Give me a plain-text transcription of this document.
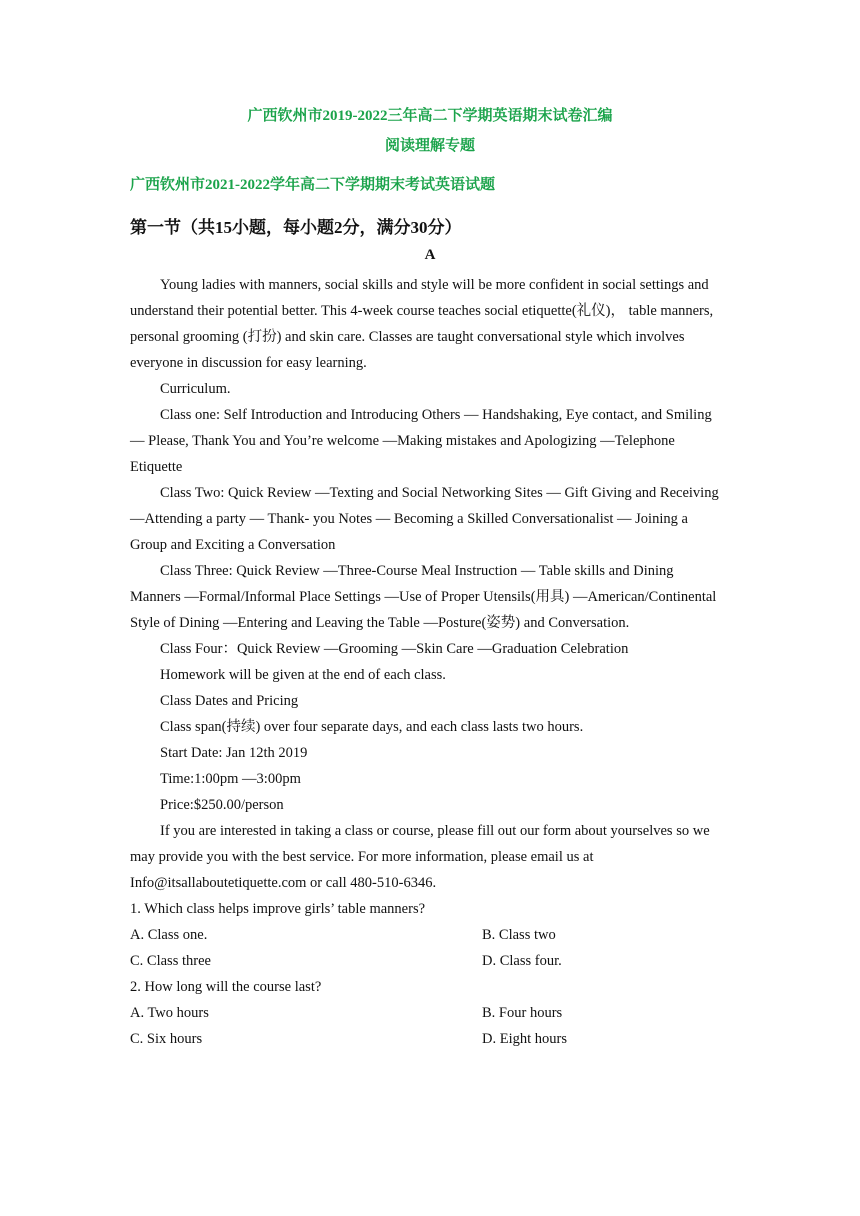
广西钦州市2019-2022三年高二下学期英语期末试卷汇编
阅读理解专题
广西钦州市2021-2022学年高二下学期期末考试英语试题
第一节（共15小题，每小题2分，满分30分）
A

Young ladies with manners, social skills and style will be more confident in social settings and understand their potential better. This 4-week course teaches social etiquette(礼仪)， table manners, personal grooming (打扮) and skin care. Classes are taught conversational style which involves everyone in discussion for easy learning.

Curriculum.

Class one: Self Introduction and Introducing Others — Handshaking, Eye contact, and Smiling — Please, Thank You and You’re welcome —Making mistakes and Apologizing —Telephone Etiquette

Class Two: Quick Review —Texting and Social Networking Sites — Gift Giving and Receiving —Attending a party — Thank- you Notes — Becoming a Skilled Conversationalist — Joining a Group and Exciting a Conversation

Class Three: Quick Review —Three-Course Meal Instruction — Table skills and Dining Manners —Formal/Informal Place Settings —Use of Proper Utensils(用具) —American/Continental Style of Dining —Entering and Leaving the Table —Posture(姿势) and Conversation.

Class Four：Quick Review —Grooming —Skin Care —Graduation Celebration

Homework will be given at the end of each class.

Class Dates and Pricing

Class span(持续) over four separate days, and each class lasts two hours.

Start Date: Jan 12th 2019

Time:1:00pm —3:00pm

Price:$250.00/person

If you are interested in taking a class or course, please fill out our form about yourselves so we may provide you with the best service. For more information, please email us at Info@itsallaboutetiquette.com or call 480-510-6346.

1. Which class helps improve girls’ table manners?

A. Class one.	B. Class two
C. Class three	D. Class four.

2. How long will the course last?

A. Two hours	B. Four hours
C. Six hours	D. Eight hours
